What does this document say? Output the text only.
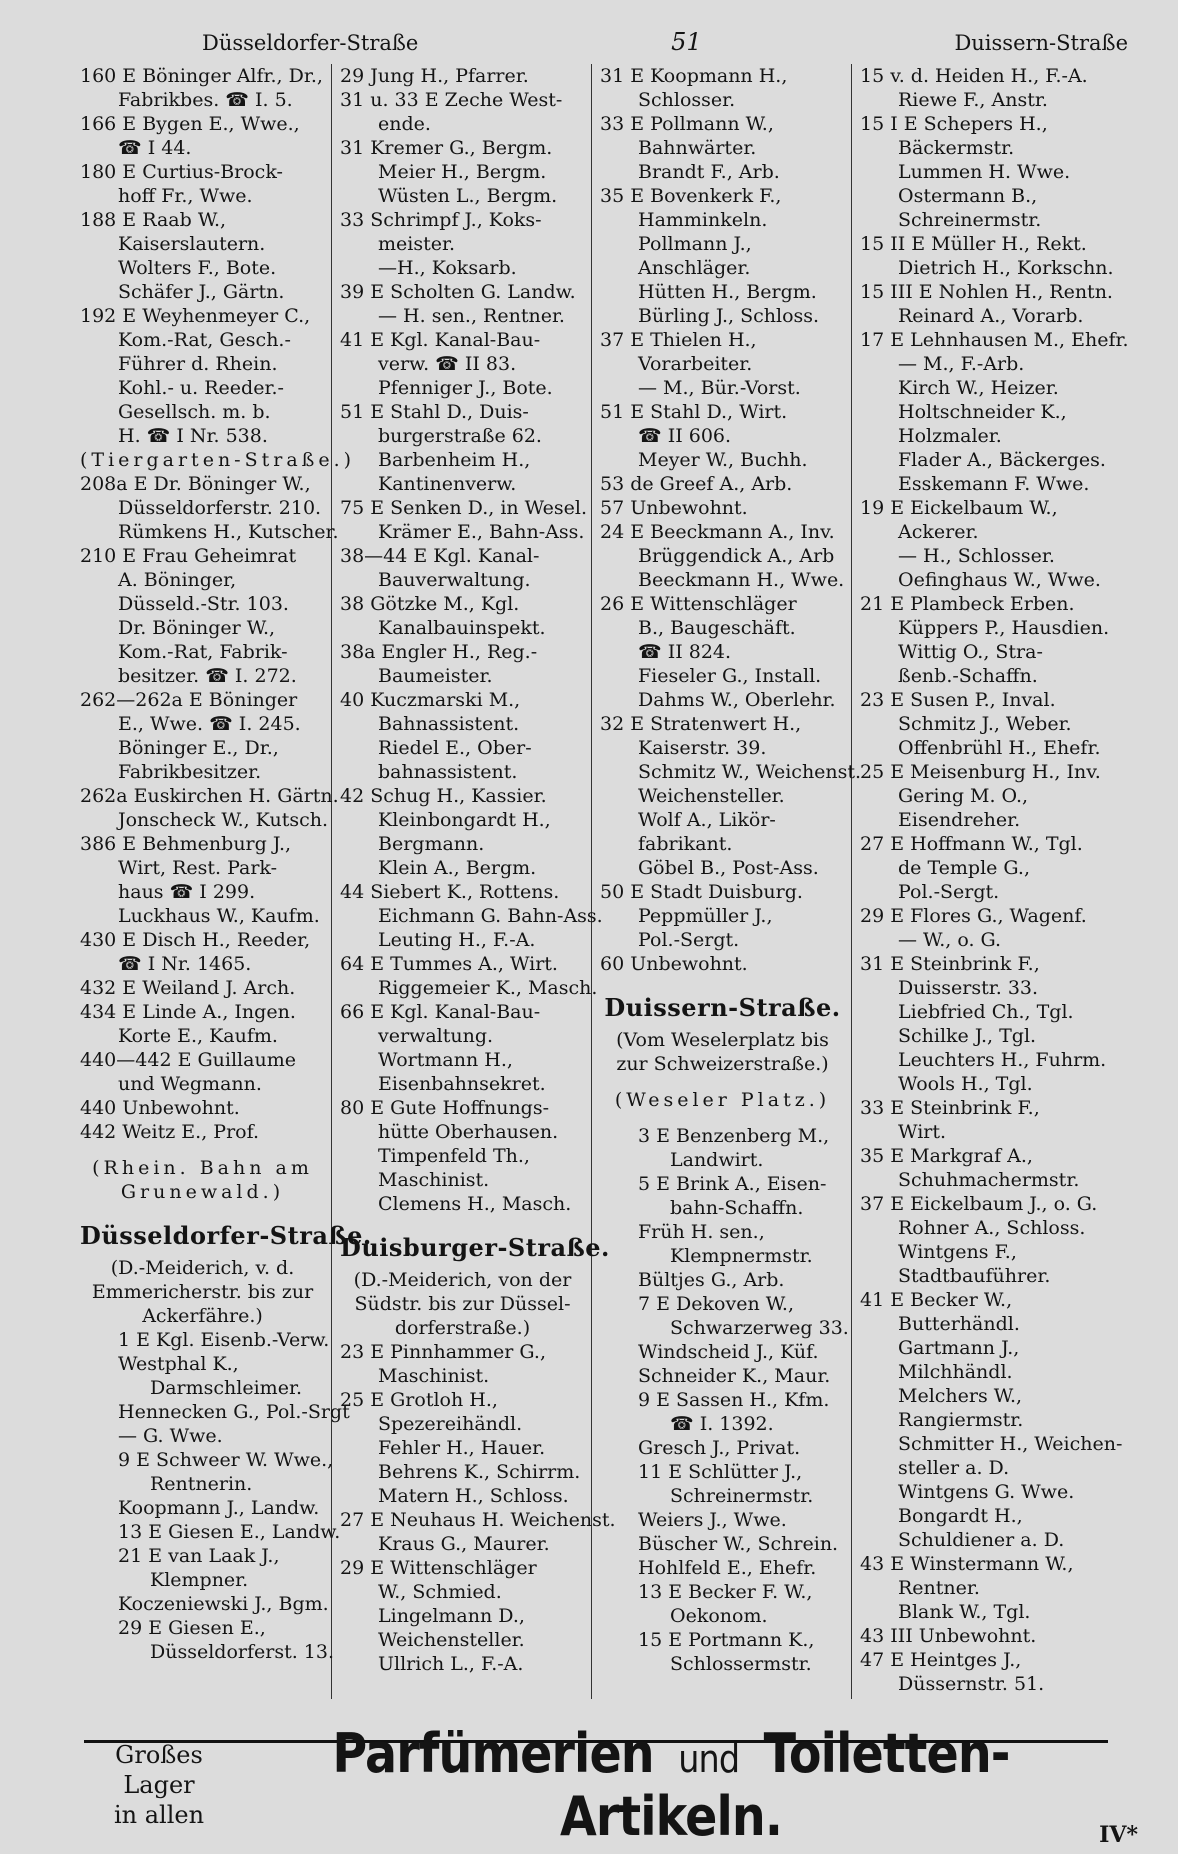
Düsseldorfer-Straße	51	Duissern-Straße
160 E Böninger Alfr., Dr.,
Fabrikbes. ☎ I. 5.
166 E Bygen E., Wwe.,
☎ I 44.
180 E Curtius-Brock-
hoff Fr., Wwe.
188 E Raab W.,
Kaiserslautern.
Wolters F., Bote.
Schäfer J., Gärtn.
192 E Weyhenmeyer C.,
Kom.-Rat, Gesch.-
Führer d. Rhein.
Kohl.- u. Reeder.-
Gesellsch. m. b.
H. ☎ I Nr. 538.
(Tiergarten-Straße.)
208a E Dr. Böninger W.,
Düsseldorferstr. 210.
Rümkens H., Kutscher.
210 E Frau Geheimrat
A. Böninger,
Düsseld.-Str. 103.
Dr. Böninger W.,
Kom.-Rat, Fabrik-
besitzer. ☎ I. 272.
262—262a E Böninger
E., Wwe. ☎ I. 245.
Böninger E., Dr.,
Fabrikbesitzer.
262a Euskirchen H. Gärtn.
Jonscheck W., Kutsch.
386 E Behmenburg J.,
Wirt, Rest. Park-
haus ☎ I 299.
Luckhaus W., Kaufm.
430 E Disch H., Reeder,
☎ I Nr. 1465.
432 E Weiland J. Arch.
434 E Linde A., Ingen.
Korte E., Kaufm.
440—442 E Guillaume
und Wegmann.
440 Unbewohnt.
442 Weitz E., Prof.
(Rhein. Bahn am
Grunewald.)
Düsseldorfer-Straße.
(D.-Meiderich, v. d.
Emmericherstr. bis zur
Ackerfähre.)
1 E Kgl. Eisenb.-Verw.
Westphal K.,
Darmschleimer.
Hennecken G., Pol.-Srgt
— G. Wwe.
9 E Schweer W. Wwe.,
Rentnerin.
Koopmann J., Landw.
13 E Giesen E., Landw.
21 E van Laak J.,
Klempner.
Koczeniewski J., Bgm.
29 E Giesen E.,
Düsseldorferst. 13.
29 Jung H., Pfarrer.
31 u. 33 E Zeche West-
ende.
31 Kremer G., Bergm.
Meier H., Bergm.
Wüsten L., Bergm.
33 Schrimpf J., Koks-
meister.
—H., Koksarb.
39 E Scholten G. Landw.
— H. sen., Rentner.
41 E Kgl. Kanal-Bau-
verw. ☎ II 83.
Pfenniger J., Bote.
51 E Stahl D., Duis-
burgerstraße 62.
Barbenheim H.,
Kantinenverw.
75 E Senken D., in Wesel.
Krämer E., Bahn-Ass.
38—44 E Kgl. Kanal-
Bauverwaltung.
38 Götzke M., Kgl.
Kanalbauinspekt.
38a Engler H., Reg.-
Baumeister.
40 Kuczmarski M.,
Bahnassistent.
Riedel E., Ober-
bahnassistent.
42 Schug H., Kassier.
Kleinbongardt H.,
Bergmann.
Klein A., Bergm.
44 Siebert K., Rottens.
Eichmann G. Bahn-Ass.
Leuting H., F.-A.
64 E Tummes A., Wirt.
Riggemeier K., Masch.
66 E Kgl. Kanal-Bau-
verwaltung.
Wortmann H.,
Eisenbahnsekret.
80 E Gute Hoffnungs-
hütte Oberhausen.
Timpenfeld Th.,
Maschinist.
Clemens H., Masch.
Duisburger-Straße.
(D.-Meiderich, von der
Südstr. bis zur Düssel-
dorferstraße.)
23 E Pinnhammer G.,
Maschinist.
25 E Grotloh H.,
Spezereihändl.
Fehler H., Hauer.
Behrens K., Schirrm.
Matern H., Schloss.
27 E Neuhaus H. Weichenst.
Kraus G., Maurer.
29 E Wittenschläger
W., Schmied.
Lingelmann D.,
Weichensteller.
Ullrich L., F.-A.
31 E Koopmann H.,
Schlosser.
33 E Pollmann W.,
Bahnwärter.
Brandt F., Arb.
35 E Bovenkerk F.,
Hamminkeln.
Pollmann J.,
Anschläger.
Hütten H., Bergm.
Bürling J., Schloss.
37 E Thielen H.,
Vorarbeiter.
— M., Bür.-Vorst.
51 E Stahl D., Wirt.
☎ II 606.
Meyer W., Buchh.
53 de Greef A., Arb.
57 Unbewohnt.
24 E Beeckmann A., Inv.
Brüggendick A., Arb
Beeckmann H., Wwe.
26 E Wittenschläger
B., Baugeschäft.
☎ II 824.
Fieseler G., Install.
Dahms W., Oberlehr.
32 E Stratenwert H.,
Kaiserstr. 39.
Schmitz W., Weichenst.
Weichensteller.
Wolf A., Likör-
fabrikant.
Göbel B., Post-Ass.
50 E Stadt Duisburg.
Peppmüller J.,
Pol.-Sergt.
60 Unbewohnt.
Duissern-Straße.
(Vom Weselerplatz bis
zur Schweizerstraße.)
(Weseler Platz.)
3 E Benzenberg M.,
Landwirt.
5 E Brink A., Eisen-
bahn-Schaffn.
Früh H. sen.,
Klempnermstr.
Bültjes G., Arb.
7 E Dekoven W.,
Schwarzerweg 33.
Windscheid J., Küf.
Schneider K., Maur.
9 E Sassen H., Kfm.
☎ I. 1392.
Gresch J., Privat.
11 E Schlütter J.,
Schreinermstr.
Weiers J., Wwe.
Büscher W., Schrein.
Hohlfeld E., Ehefr.
13 E Becker F. W.,
Oekonom.
15 E Portmann K.,
Schlossermstr.
15 v. d. Heiden H., F.-A.
Riewe F., Anstr.
15 I E Schepers H.,
Bäckermstr.
Lummen H. Wwe.
Ostermann B.,
Schreinermstr.
15 II E Müller H., Rekt.
Dietrich H., Korkschn.
15 III E Nohlen H., Rentn.
Reinard A., Vorarb.
17 E Lehnhausen M., Ehefr.
— M., F.-Arb.
Kirch W., Heizer.
Holtschneider K.,
Holzmaler.
Flader A., Bäckerges.
Esskemann F. Wwe.
19 E Eickelbaum W.,
Ackerer.
— H., Schlosser.
Oefinghaus W., Wwe.
21 E Plambeck Erben.
Küppers P., Hausdien.
Wittig O., Stra-
ßenb.-Schaffn.
23 E Susen P., Inval.
Schmitz J., Weber.
Offenbrühl H., Ehefr.
25 E Meisenburg H., Inv.
Gering M. O.,
Eisendreher.
27 E Hoffmann W., Tgl.
de Temple G.,
Pol.-Sergt.
29 E Flores G., Wagenf.
— W., o. G.
31 E Steinbrink F.,
Duisserstr. 33.
Liebfried Ch., Tgl.
Schilke J., Tgl.
Leuchters H., Fuhrm.
Wools H., Tgl.
33 E Steinbrink F.,
Wirt.
35 E Markgraf A.,
Schuhmachermstr.
37 E Eickelbaum J., o. G.
Rohner A., Schloss.
Wintgens F.,
Stadtbauführer.
41 E Becker W.,
Butterhändl.
Gartmann J.,
Milchhändl.
Melchers W.,
Rangiermstr.
Schmitter H., Weichen-
steller a. D.
Wintgens G. Wwe.
Bongardt H.,
Schuldiener a. D.
43 E Winstermann W.,
Rentner.
Blank W., Tgl.
43 III Unbewohnt.
47 E Heintges J.,
Düssernstr. 51.
Großes Lager
in allen
Parfümerien und Toiletten-Artikeln.	IV*
